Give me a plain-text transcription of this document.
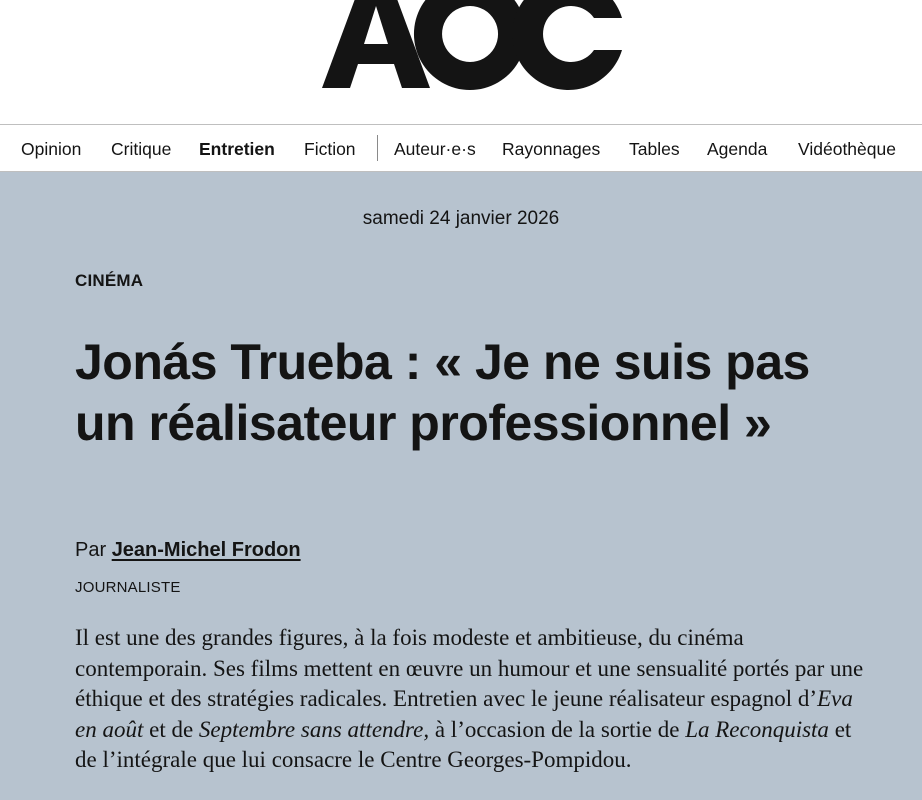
Opinion Critique Entretien Fiction Auteur·e·s Rayonnages Tables Agenda Vidéothèque
samedi 24 janvier 2026
CINÉMA
Jonás Trueba : « Je ne suis pas un réalisateur professionnel »
Par Jean-Michel Frodon
JOURNALISTE

Il est une des grandes figures, à la fois modeste et ambitieuse, du cinéma contemporain. Ses films mettent en œuvre un humour et une sensualité portés par une éthique et des stratégies radicales. Entretien avec le jeune réalisateur espagnol d’Eva en août et de Septembre sans attendre, à l’occasion de la sortie de La Reconquista et de l’intégrale que lui consacre le Centre Georges-Pompidou.
